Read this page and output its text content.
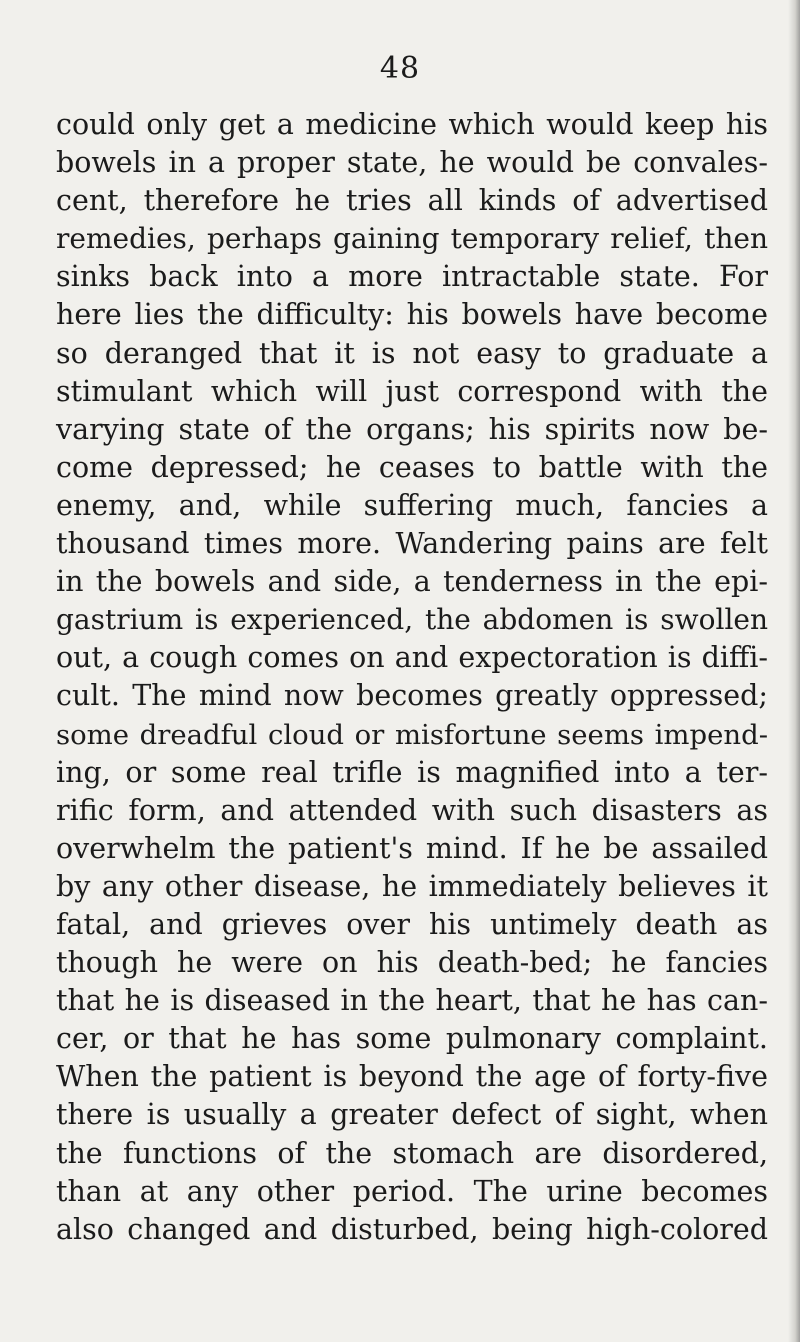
48
could only get a medicine which would keep his
bowels in a proper state, he would be convales-
cent, therefore he tries all kinds of advertised
remedies, perhaps gaining temporary relief, then
sinks back into a more intractable state. For
here lies the difficulty: his bowels have become
so deranged that it is not easy to graduate a
stimulant which will just correspond with the
varying state of the organs; his spirits now be-
come depressed; he ceases to battle with the
enemy, and, while suffering much, fancies a
thousand times more. Wandering pains are felt
in the bowels and side, a tenderness in the epi-
gastrium is experienced, the abdomen is swollen
out, a cough comes on and expectoration is diffi-
cult. The mind now becomes greatly oppressed;
some dreadful cloud or misfortune seems impend-
ing, or some real trifle is magnified into a ter-
rific form, and attended with such disasters as
overwhelm the patient's mind. If he be assailed
by any other disease, he immediately believes it
fatal, and grieves over his untimely death as
though he were on his death-bed; he fancies
that he is diseased in the heart, that he has can-
cer, or that he has some pulmonary complaint.
When the patient is beyond the age of forty-five
there is usually a greater defect of sight, when
the functions of the stomach are disordered,
than at any other period. The urine becomes
also changed and disturbed, being high-colored
